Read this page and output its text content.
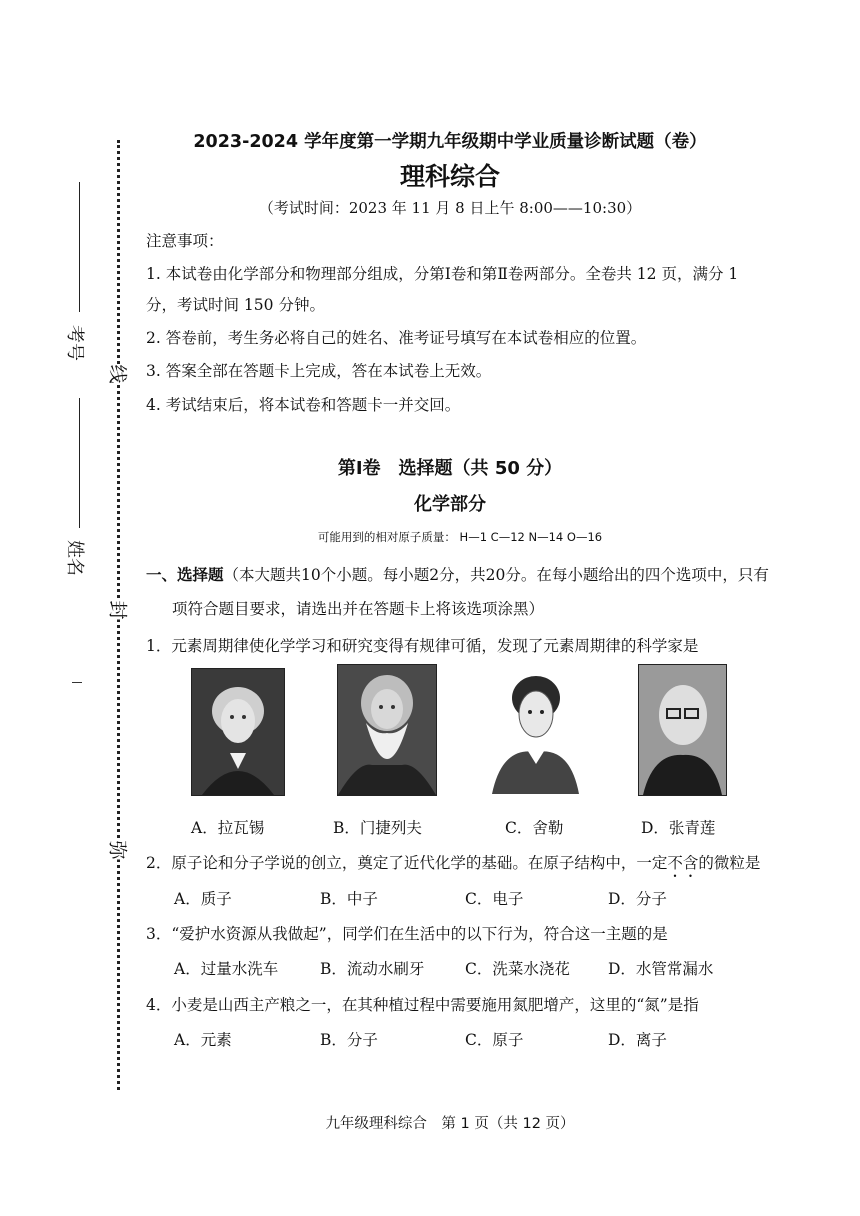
线
封
弥
考号
姓名
2023-2024 学年度第一学期九年级期中学业质量诊断试题（卷）
理科综合
（考试时间：2023 年 11 月 8 日上午 8:00——10:30）
注意事项：
1. 本试卷由化学部分和物理部分组成，分第Ⅰ卷和第Ⅱ卷两部分。全卷共 12 页，满分 1
分，考试时间 150 分钟。
2. 答卷前，考生务必将自己的姓名、准考证号填写在本试卷相应的位置。
3. 答案全部在答题卡上完成，答在本试卷上无效。
4. 考试结束后，将本试卷和答题卡一并交回。
第Ⅰ卷　选择题（共 50 分）
化学部分
可能用到的相对原子质量： H—1 C—12 N—14 O—16
一、选择题（本大题共10个小题。每小题2分，共20分。在每小题给出的四个选项中，只有
项符合题目要求，请选出并在答题卡上将该选项涂黑）
1．元素周期律使化学学习和研究变得有规律可循，发现了元素周期律的科学家是
A．拉瓦锡	B．门捷列夫	C．舍勒	D．张青莲
2．原子论和分子学说的创立，奠定了近代化学的基础。在原子结构中，一定不含的微粒是
A．质子	B．中子	C．电子	D．分子
3．“爱护水资源从我做起”，同学们在生活中的以下行为，符合这一主题的是
A．过量水洗车	B．流动水刷牙	C．洗菜水浇花 D．水管常漏水
4．小麦是山西主产粮之一，在其种植过程中需要施用氮肥增产，这里的“氮”是指
A．元素	B．分子	C．原子	D．离子
九年级理科综合　第 1 页（共 12 页）
